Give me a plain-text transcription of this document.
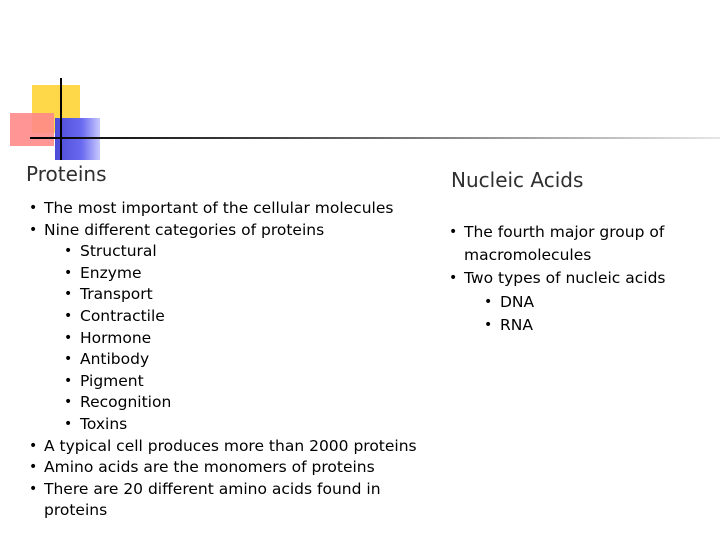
Proteins
• The most important of the cellular molecules
• Nine different categories of proteins
• Structural
• Enzyme
• Transport
• Contractile
• Hormone
• Antibody
• Pigment
• Recognition
• Toxins
• A typical cell produces more than 2000 proteins
• Amino acids are the monomers of proteins
• There are 20 different amino acids found in proteins
Nucleic Acids
• The fourth major group of macromolecules
• Two types of nucleic acids
• DNA
• RNA
